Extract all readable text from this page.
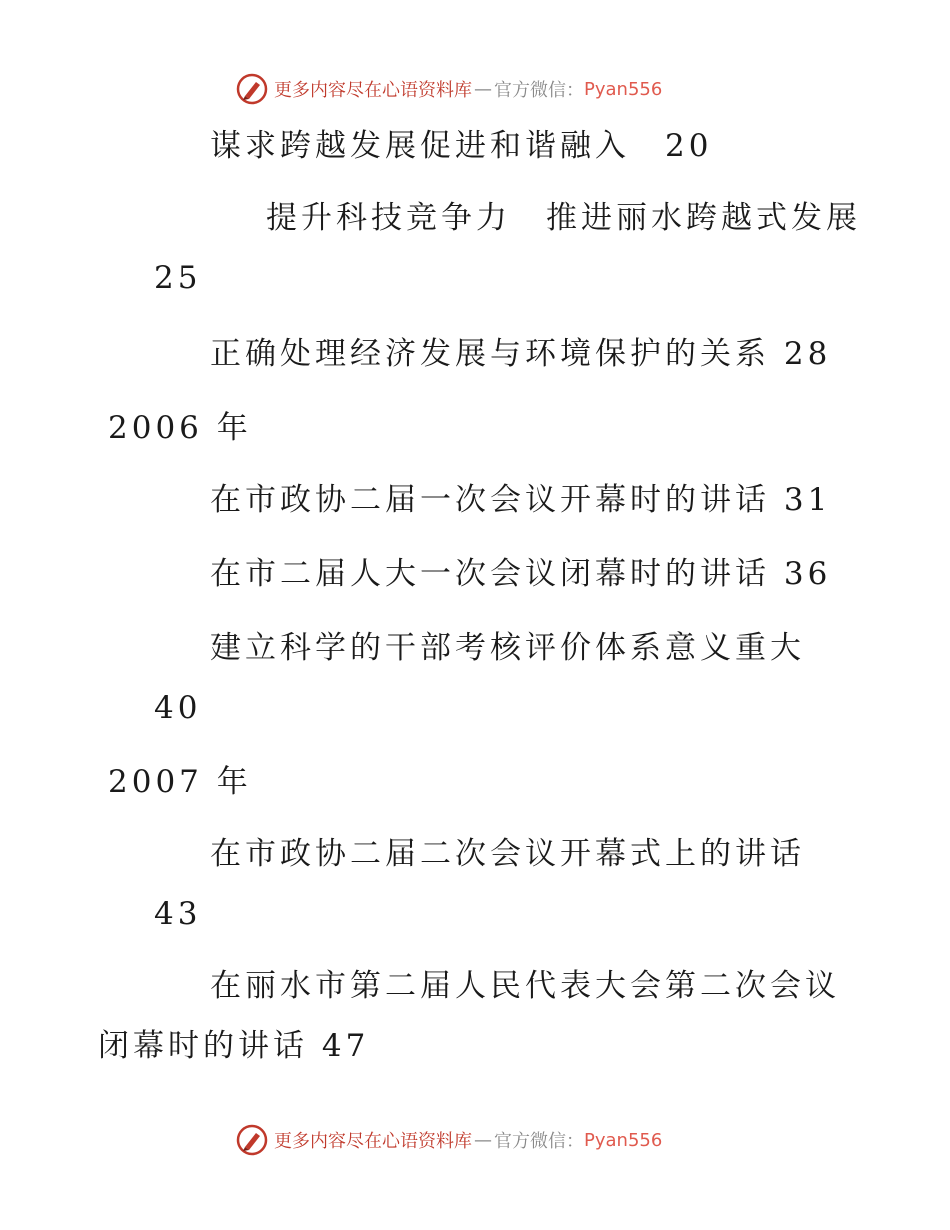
更多内容尽在心语资料库 — 官方微信： Pyan556
谋求跨越发展促进和谐融入　20
提升科技竞争力　推进丽水跨越式发展
25
正确处理经济发展与环境保护的关系 28
2006 年
在市政协二届一次会议开幕时的讲话 31
在市二届人大一次会议闭幕时的讲话 36
建立科学的干部考核评价体系意义重大
40
2007 年
在市政协二届二次会议开幕式上的讲话
43
在丽水市第二届人民代表大会第二次会议
闭幕时的讲话 47
更多内容尽在心语资料库 — 官方微信： Pyan556
